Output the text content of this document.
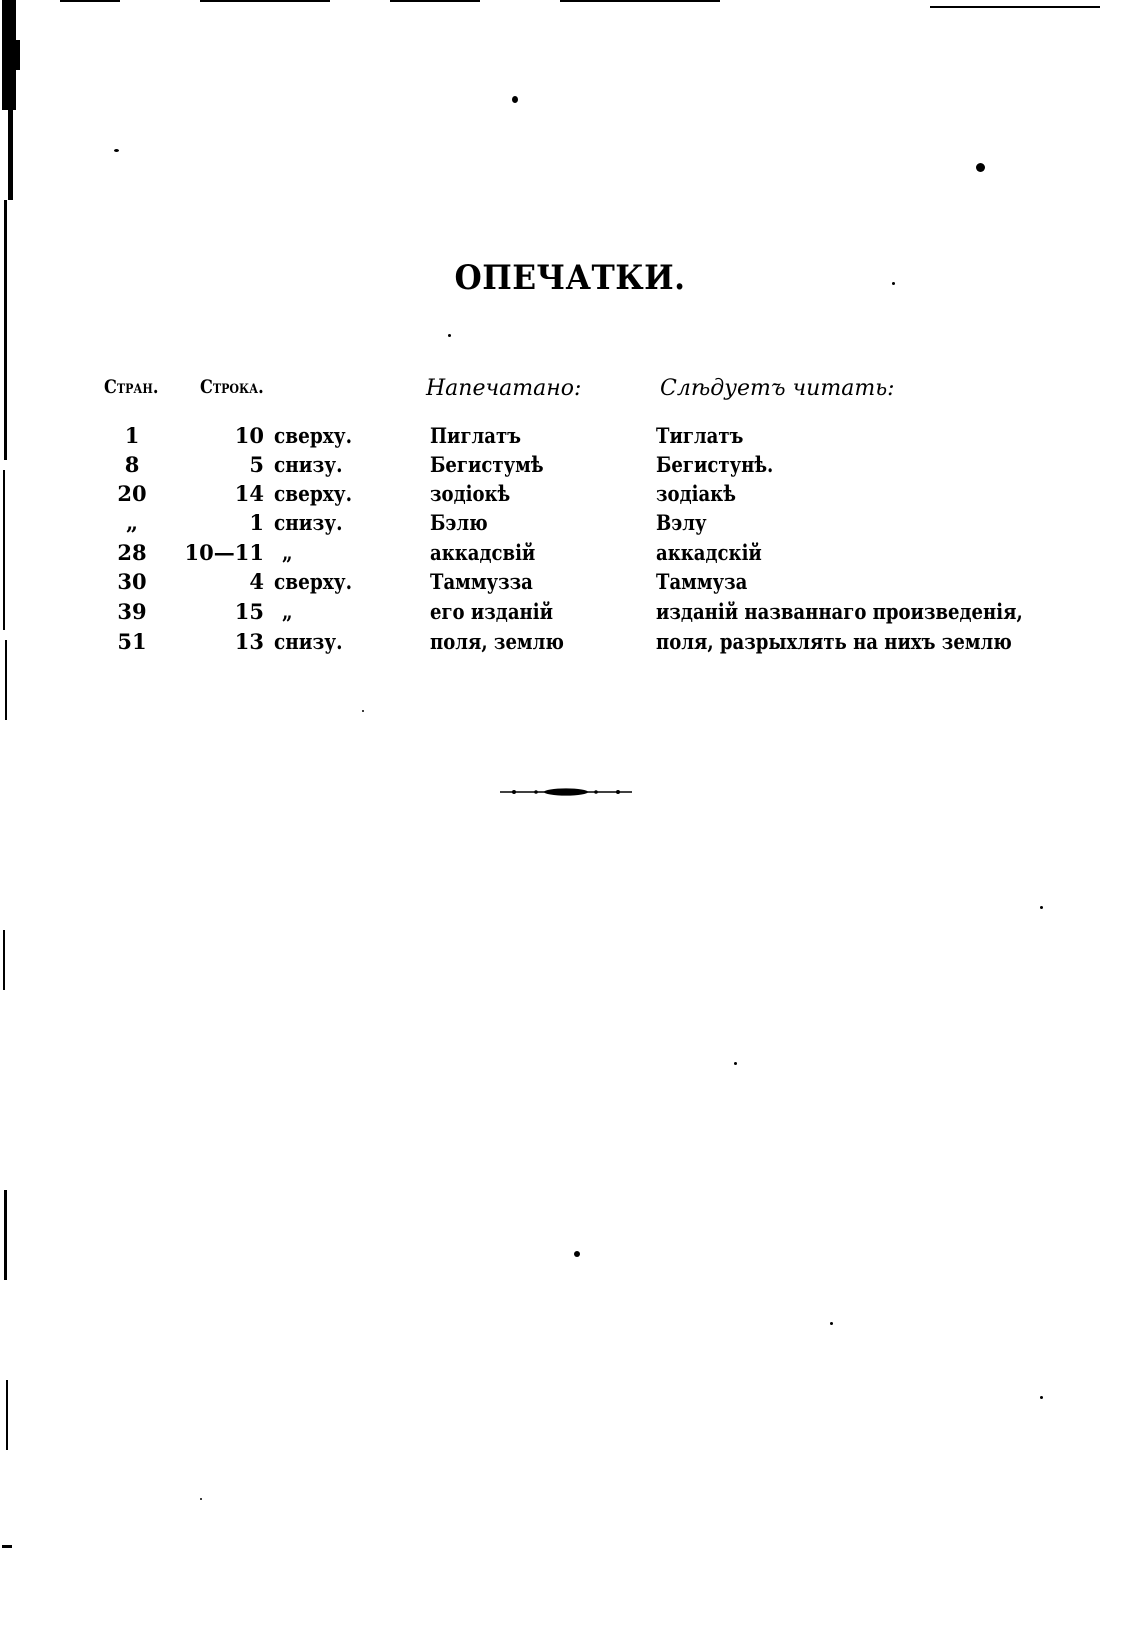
ОПЕЧАТКИ.
Стран. Строка.	Напечатано:	Слѣдуетъ читать:
1	10 сверху.	Пиглатъ	Тиглатъ
8	5 снизу.	Бегистумѣ	Бегистунѣ.
20	14 сверху.	зодіокѣ	зодіакѣ
„	1 снизу.	Бэлю	Вэлу
28	10—11 „	аккадсвій	аккадскій
30	4 сверху.	Таммузза	Таммуза
39	15 „	его изданій	изданій названнаго произведенія,
51	13 снизу.	поля, землю	поля, разрыхлять на нихъ землю
